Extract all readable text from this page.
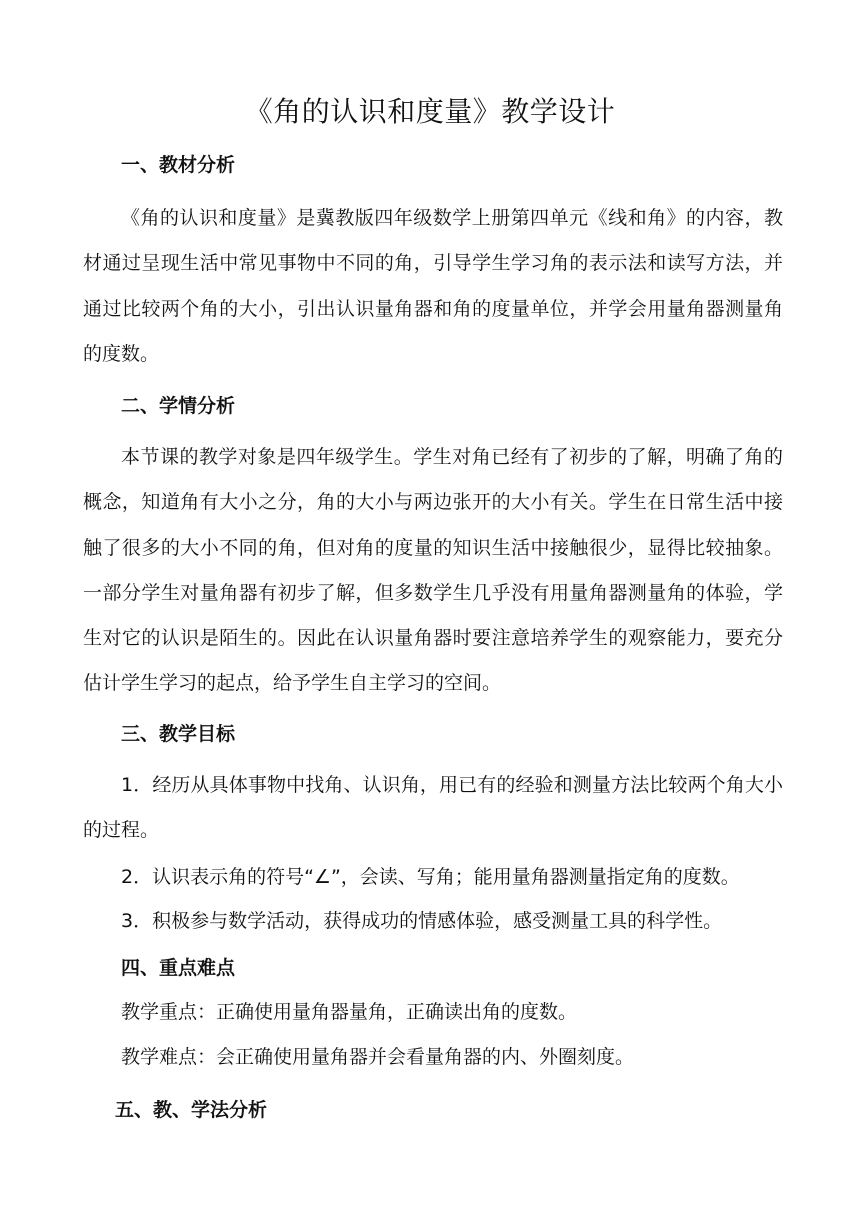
《角的认识和度量》教学设计
一、教材分析
《角的认识和度量》是冀教版四年级数学上册第四单元《线和角》的内容，教材通过呈现生活中常见事物中不同的角，引导学生学习角的表示法和读写方法，并通过比较两个角的大小，引出认识量角器和角的度量单位，并学会用量角器测量角的度数。
二、学情分析
本节课的教学对象是四年级学生。学生对角已经有了初步的了解，明确了角的概念，知道角有大小之分，角的大小与两边张开的大小有关。学生在日常生活中接触了很多的大小不同的角，但对角的度量的知识生活中接触很少，显得比较抽象。一部分学生对量角器有初步了解，但多数学生几乎没有用量角器测量角的体验，学生对它的认识是陌生的。因此在认识量角器时要注意培养学生的观察能力，要充分估计学生学习的起点，给予学生自主学习的空间。
三、教学目标
1．经历从具体事物中找角、认识角，用已有的经验和测量方法比较两个角大小的过程。
2．认识表示角的符号“∠”，会读、写角；能用量角器测量指定角的度数。
3．积极参与数学活动，获得成功的情感体验，感受测量工具的科学性。
四、重点难点
教学重点：正确使用量角器量角，正确读出角的度数。
教学难点：会正确使用量角器并会看量角器的内、外圈刻度。
五、教、学法分析
